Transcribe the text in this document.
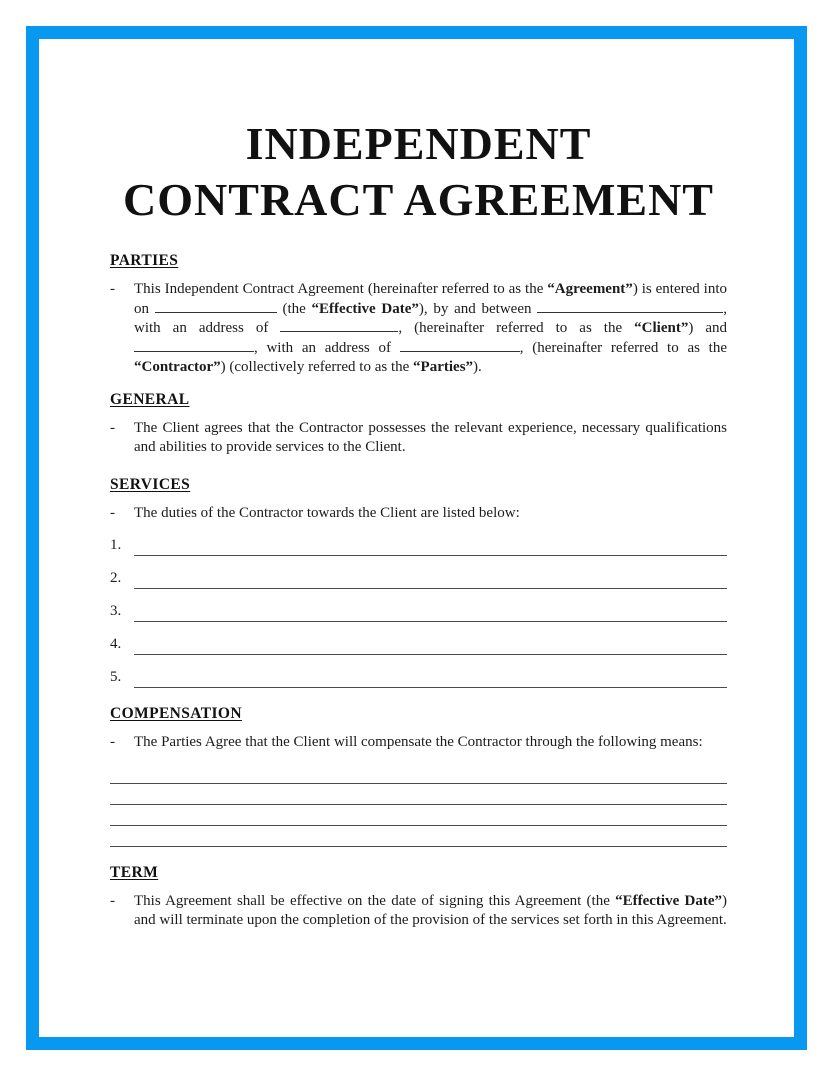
INDEPENDENT
CONTRACT AGREEMENT
PARTIES
-	This Independent Contract Agreement (hereinafter referred to as the “Agreement”) is entered into on	(the “Effective Date”), by and between	, with an address of	, (hereinafter referred to as the “Client”) and , with an address of	, (hereinafter referred to as the “Contractor”) (collectively referred to as the “Parties”).

GENERAL
-	The Client agrees that the Contractor possesses the relevant experience, necessary qualifications and abilities to provide services to the Client.

SERVICES
-	The duties of the Contractor towards the Client are listed below:

1.
2.
3.
4.
5.
COMPENSATION
-	The Parties Agree that the Client will compensate the Contractor through the following means:

TERM
-	This Agreement shall be effective on the date of signing this Agreement (the “Effective Date”) and will terminate upon the completion of the provision of the services set forth in this Agreement.
